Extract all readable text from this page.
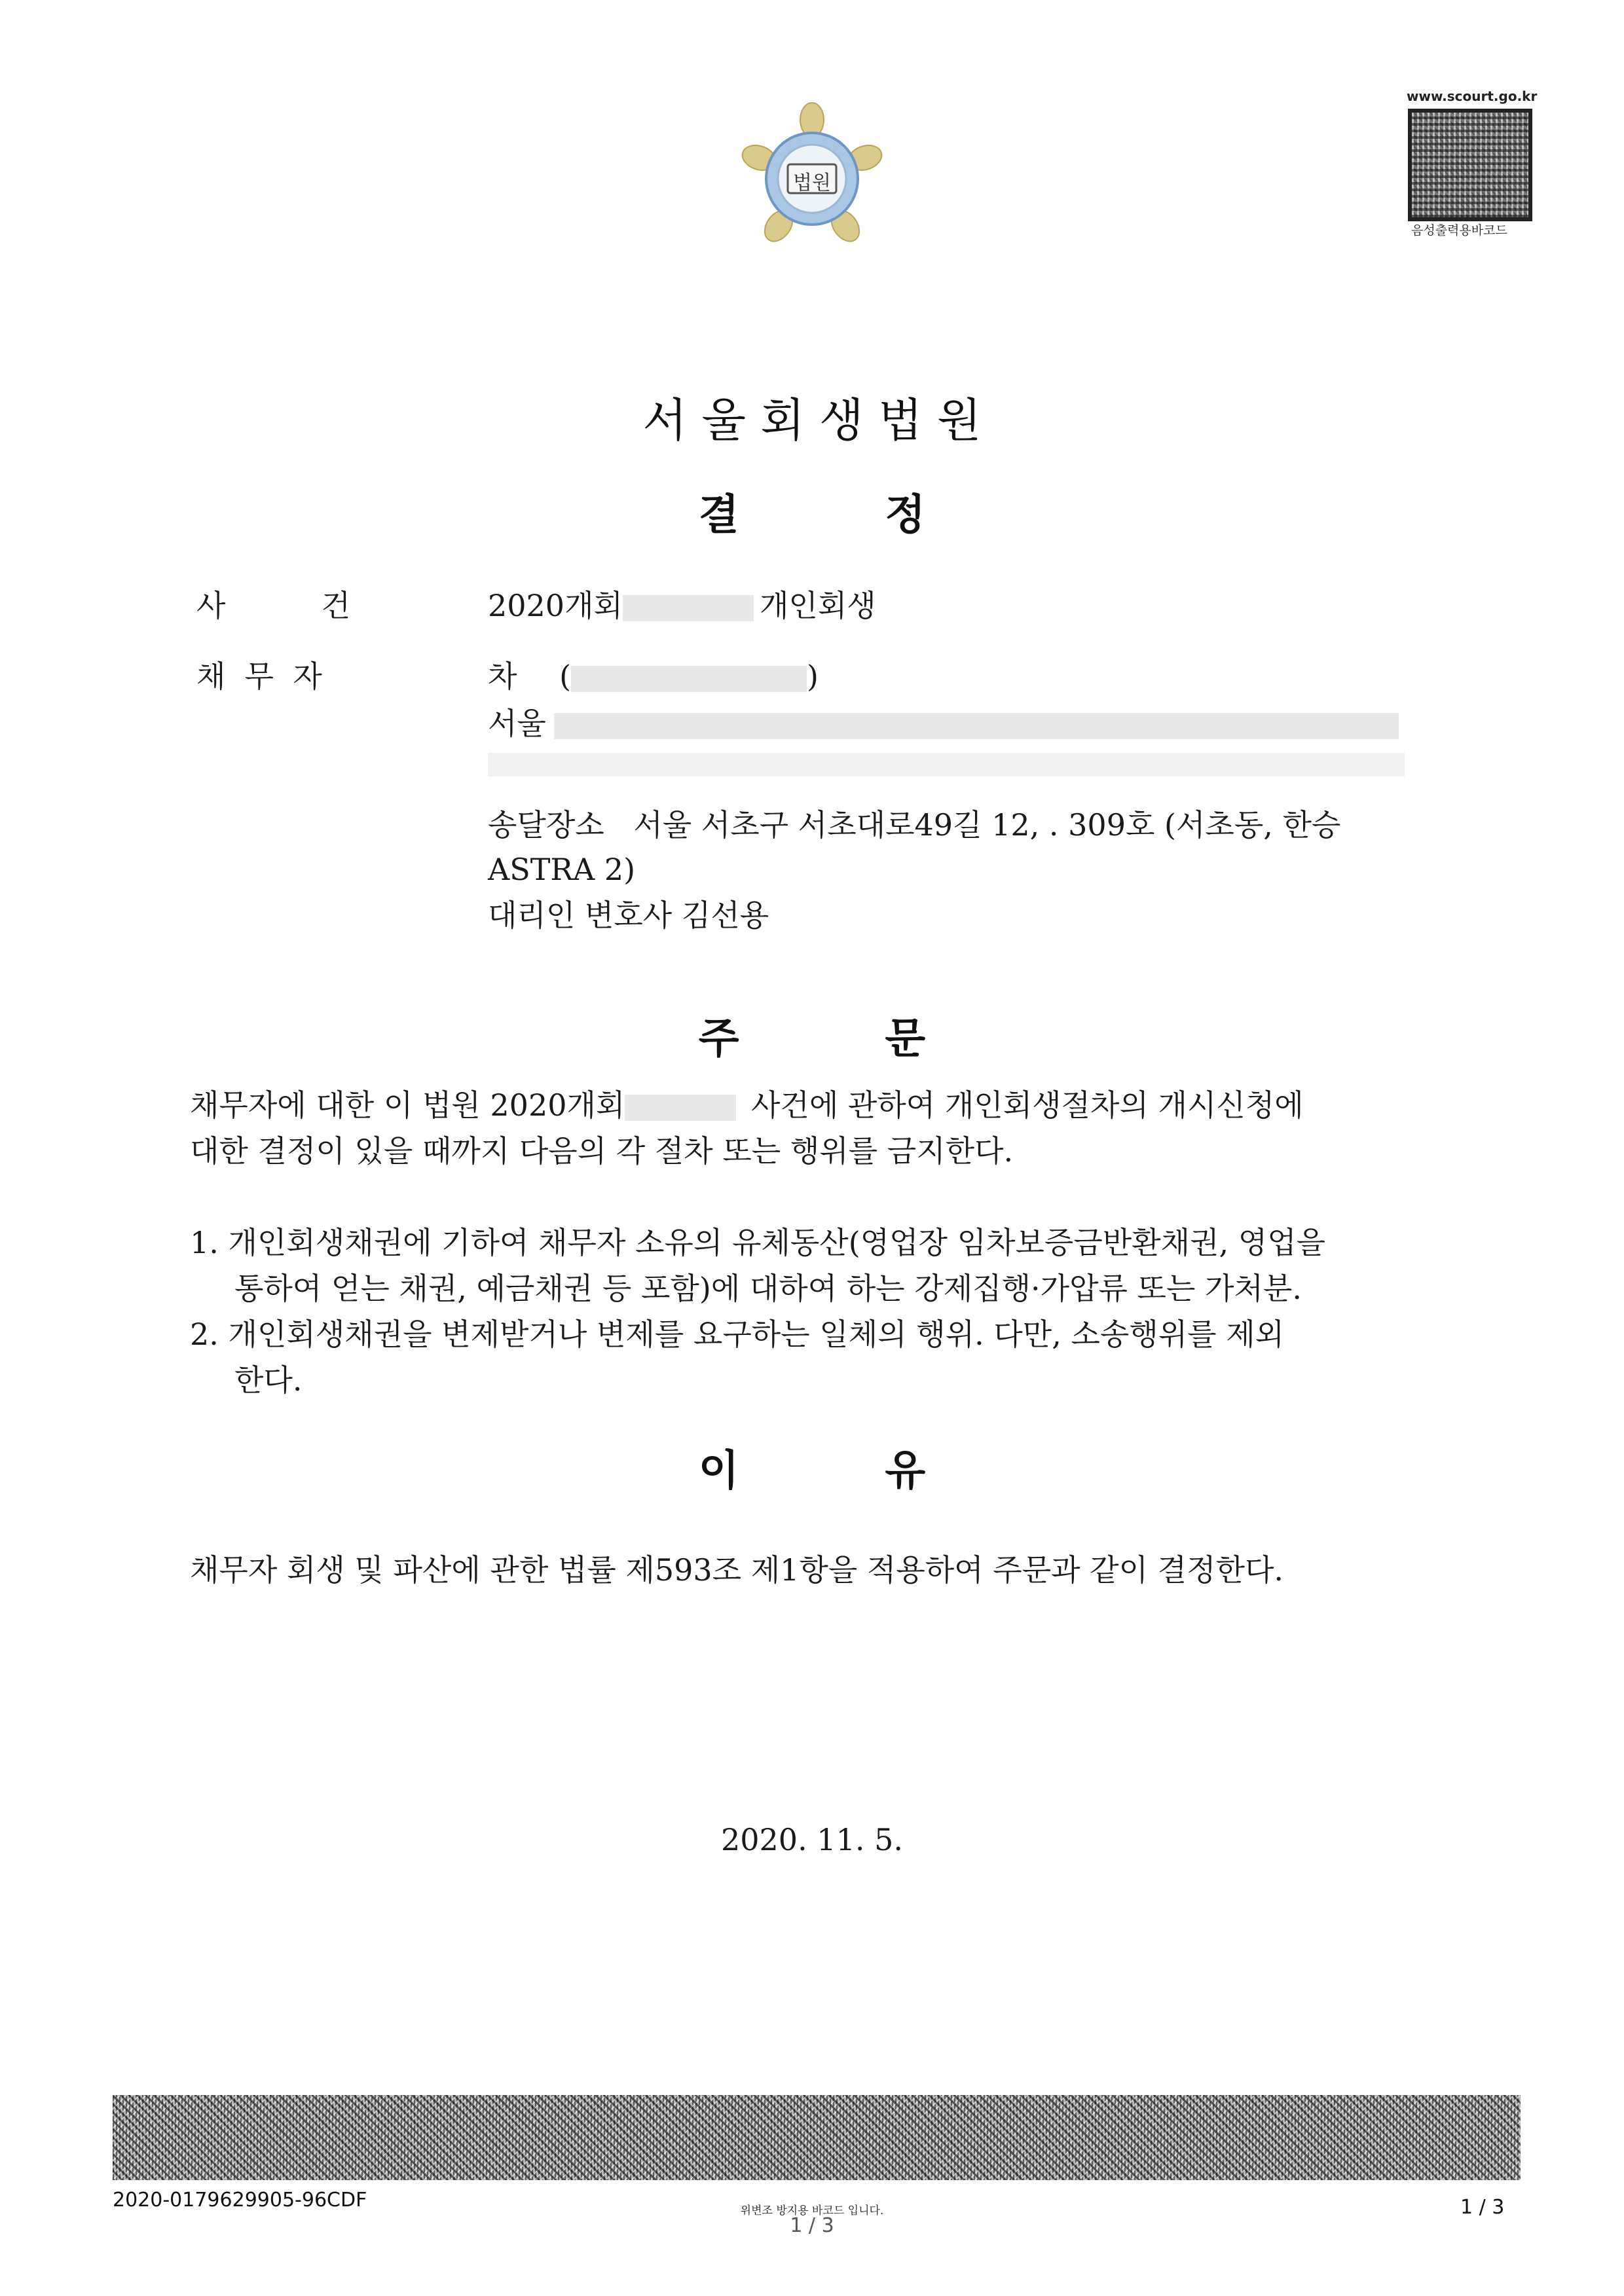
법원
www.scourt.go.kr
음성출력용바코드
서 울 회 생 법 원
결          정
사          건	2020개회	개인회생
채  무  자	차 (	)
서울
송달장소 서울 서초구 서초대로49길 12, . 309호 (서초동, 한승
ASTRA 2)
대리인 변호사 김선용
주          문
채무자에 대한 이 법원 2020개회	사건에 관하여 개인회생절차의 개시신청에
대한 결정이 있을 때까지 다음의 각 절차 또는 행위를 금지한다.
1. 개인회생채권에 기하여 채무자 소유의 유체동산(영업장 임차보증금반환채권, 영업을
통하여 얻는 채권, 예금채권 등 포함)에 대하여 하는 강제집행·가압류 또는 가처분.
2. 개인회생채권을 변제받거나 변제를 요구하는 일체의 행위. 다만, 소송행위를 제외
한다.
이          유
채무자 회생 및 파산에 관한 법률 제593조 제1항을 적용하여 주문과 같이 결정한다.
2020. 11. 5.
2020-0179629905-96CDF	위변조 방지용 바코드 입니다.
1 / 3
1 / 3
